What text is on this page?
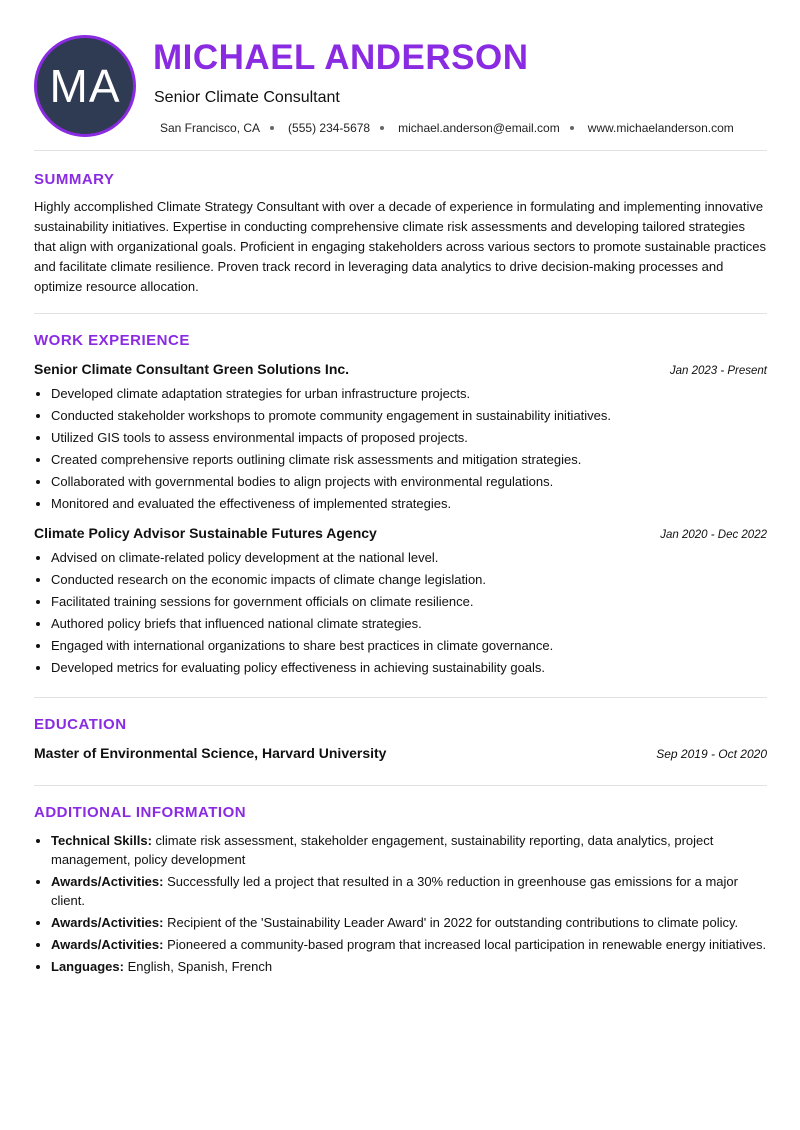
MA
MICHAEL ANDERSON
Senior Climate Consultant
San Francisco, CA (555) 234-5678 michael.anderson@email.com www.michaelanderson.com
SUMMARY
Highly accomplished Climate Strategy Consultant with over a decade of experience in formulating and implementing innovative sustainability initiatives. Expertise in conducting comprehensive climate risk assessments and developing tailored strategies that align with organizational goals. Proficient in engaging stakeholders across various sectors to promote sustainable practices and facilitate climate resilience. Proven track record in leveraging data analytics to drive decision-making processes and optimize resource allocation.
WORK EXPERIENCE
Senior Climate Consultant Green Solutions Inc.	Jan 2023 - Present
• Developed climate adaptation strategies for urban infrastructure projects.
• Conducted stakeholder workshops to promote community engagement in sustainability initiatives.
• Utilized GIS tools to assess environmental impacts of proposed projects.
• Created comprehensive reports outlining climate risk assessments and mitigation strategies.
• Collaborated with governmental bodies to align projects with environmental regulations.
• Monitored and evaluated the effectiveness of implemented strategies.
Climate Policy Advisor Sustainable Futures Agency	Jan 2020 - Dec 2022
• Advised on climate-related policy development at the national level.
• Conducted research on the economic impacts of climate change legislation.
• Facilitated training sessions for government officials on climate resilience.
• Authored policy briefs that influenced national climate strategies.
• Engaged with international organizations to share best practices in climate governance.
• Developed metrics for evaluating policy effectiveness in achieving sustainability goals.
EDUCATION
Master of Environmental Science, Harvard University	Sep 2019 - Oct 2020
ADDITIONAL INFORMATION
• Technical Skills: climate risk assessment, stakeholder engagement, sustainability reporting, data analytics, project management, policy development
• Awards/Activities: Successfully led a project that resulted in a 30% reduction in greenhouse gas emissions for a major client.
• Awards/Activities: Recipient of the 'Sustainability Leader Award' in 2022 for outstanding contributions to climate policy.
• Awards/Activities: Pioneered a community-based program that increased local participation in renewable energy initiatives.
• Languages: English, Spanish, French
